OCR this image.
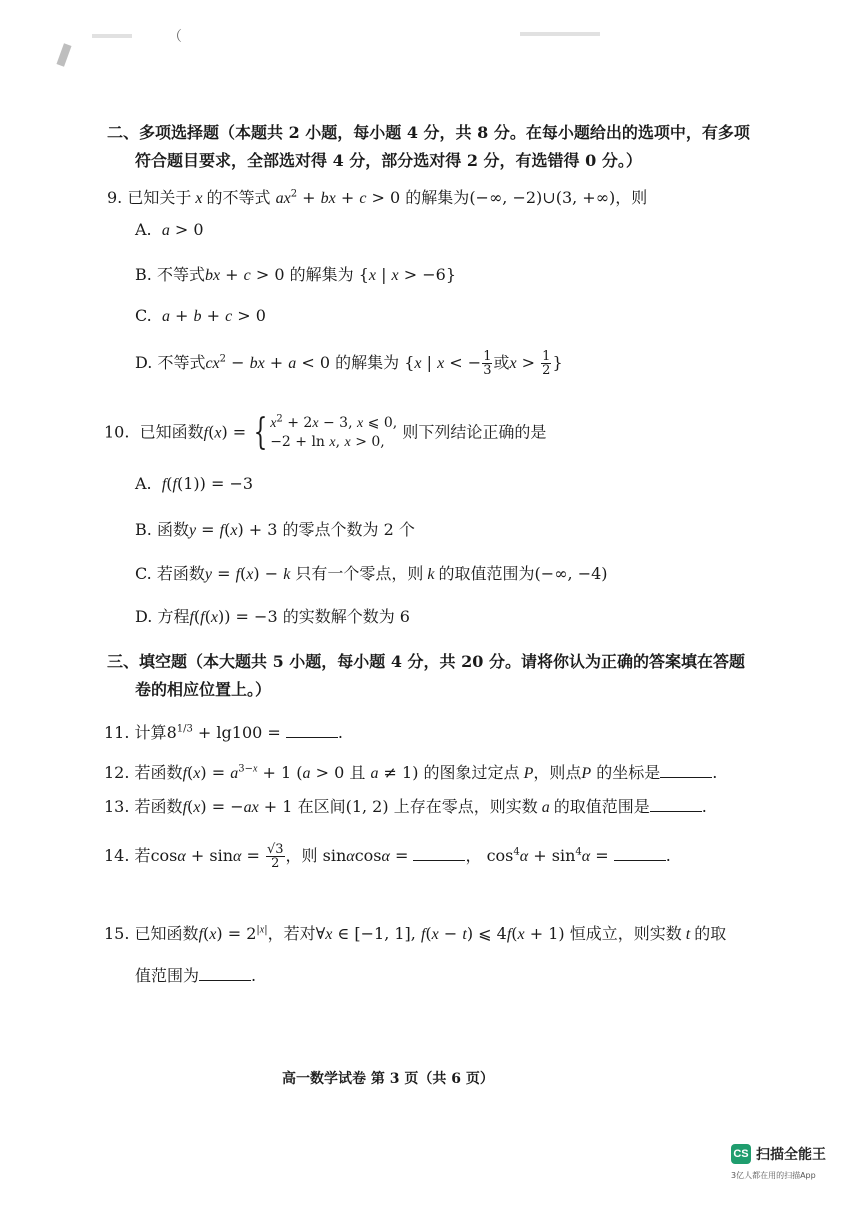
（
二、多项选择题（本题共 2 小题，每小题 4 分，共 8 分。在每小题给出的选项中，有多项
符合题目要求，全部选对得 4 分，部分选对得 2 分，有选错得 0 分。）
9. 已知关于 x 的不等式 $ax^2$ + bx + c > 0 的解集为(−∞, −2)∪(3, +∞)，则
A. a > 0
B. 不等式bx + c > 0 的解集为 {x | x > −6}
C. a + b + c > 0
D. 不等式$cx^2$ − bx + a < 0 的解集为 {x | x < − $\frac{1}{3}$ 或$x > \frac{1}{2}$ }
10. 已知函数f(x) = { $x^2 + 2x - 3$, x ⩽ 0,
−2 + ln x, x > 0,
则下列结论正确的是
A. f(f(1)) = −3
B. 函数y = f(x) + 3 的零点个数为 2 个
C. 若函数y = f(x) − k 只有一个零点，则 k 的取值范围为(−∞, −4)
D. 方程f(f(x)) = −3 的实数解个数为 6
三、填空题（本大题共 5 小题，每小题 4 分，共 20 分。请将你认为正确的答案填在答题
卷的相应位置上。）
11. 计算$8^{1/3} + \lg 100$ =	.
12. 若函数$f(x) = a^{3-x} + 1$ (a > 0 且 a ≠ 1) 的图象过定点 P，则点P 的坐标是	.
13. 若函数f(x) = −ax + 1 在区间(1, 2) 上存在零点，则实数 a 的取值范围是	.
14. 若$\cos\alpha + \sin\alpha = \frac{√3}{2}$ ，则 sinαcosα =	， $\cos^4\alpha + \sin^4\alpha$ =	.
15. 已知函数$f(x) = 2^{|x|}$，若对∀x ∈ [−1, 1], f(x − t) ⩽ 4f(x + 1) 恒成立，则实数 t 的取
值范围为	.
高一数学试卷 第 3 页（共 6 页）
CS 扫描全能王
3亿人都在用的扫描App
